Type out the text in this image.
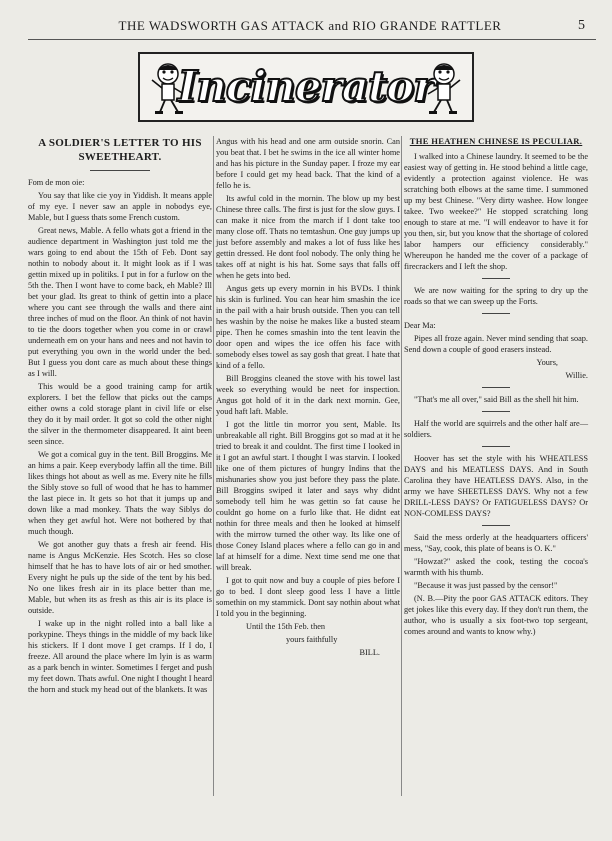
THE WADSWORTH GAS ATTACK and RIO GRANDE RATTLER	5
Incinerator
A SOLDIER'S LETTER TO HIS SWEETHEART.

Fom de mon oie:

You say that like cie yoy in Yiddish. It means apple of my eye. I never saw an apple in nobodys eye, Mable, but I guess thats some French custom.

Great news, Mable. A fello whats got a friend in the audience department in Washington just told me the wars going to end about the 15th of Feb. Dont say nothin to nobody about it. It might look as if I was gettin mixed up in politiks. I put in for a furlow on the 5th the. Then I wont have to come back, eh Mable? Ill bet your glad. Its great to think of gettin into a place where you cant see through the walls and there aint three inches of mud on the floor. An think of not havin to tie the doors together when you come in or crawl underneath em on your hans and nees and not havin to put everything you own in the world under the bed. But I guess you dont care as much about these things as I will.

This would be a good training camp for artik explorers. I bet the fellow that picks out the camps either owns a cold storage plant in civil life or else they do it by mail order. It got so cold the other night the silver in the thermometer disappeared. It aint been seen since.

We got a comical guy in the tent. Bill Broggins. Me an hims a pair. Keep everybody laffin all the time. Bill likes things hot about as well as me. Every nite he fills the Sibly stove so full of wood that he has to hammer the last piece in. It gets so hot that it jumps up and down like a mad monkey. Thats the way Siblys do when they get awful hot. Were not bothered by that much though.

We got another guy thats a fresh air feend. His name is Angus McKenzie. Hes Scotch. Hes so close himself that he has to have lots of air or hed smother. Every night he puls up the side of the tent by his bed. No one likes fresh air in its place better than me, Mable, but when its as fresh as this air is its place is outside.

I wake up in the night rolled into a ball like a porkypine. Theys things in the middle of my back like his stickers. If I dont move I get cramps. If I do, I freeze. All around the place where Im lyin is as warm as a park bench in winter. Sometimes I ferget and push my feet down. Thats awful. One night I thought I heard the horn and stuck my head out of the blankets. It was

Angus with his head and one arm outside snorin. Can you beat that. I bet he swims in the ice all winter home and has his picture in the Sunday paper. I froze my ear before I could get my head back. That the kind of a fello he is.

Its awful cold in the mornin. The blow up my best Chinese three calls. The first is just for the slow guys. I can make it nice from the march if I dont take too many close off. Thats no temtashun. One guy jumps up just before assembly and makes a lot of fuss like hes gettin dressed. He dont fool nobody. The only thing he takes off at night is his hat. Some says that falls off when he gets into bed.

Angus gets up every mornin in his BVDs. I think his skin is furlined. You can hear him smashin the ice in the pail with a hair brush outside. Then you can tell hes washin by the noise he makes like a busted steam pipe. Then he comes smashin into the tent leavin the door open and wipes the ice offen his face with somebody elses towel as say gosh that great. I hate that kind of a fello.

Bill Broggins cleaned the stove with his towel last week so everything would be neet for inspection. Angus got hold of it in the dark next mornin. Gee, youd haft laft. Mable.

I got the little tin morror you sent, Mable. Its unbreakable all right. Bill Broggins got so mad at it he tried to break it and couldnt. The first time I looked in it I got an awful start. I thought I was starvin. I looked like one of them pictures of hungry Indins that the mishunaries show you just before they pass the plate. Bill Broggins swiped it later and says why didnt somebody tell him he was gettin so fat cause he couldnt go home on a furlo like that. He didnt eat nothin for three meals and then he looked at himself with the mirrow turned the other way. Its like one of those Coney Island places where a fello can go in and laf at himself for a dime. Next time send me one that will break.

I got to quit now and buy a couple of pies before I go to bed. I dont sleep good less I have a little somethin on my stammick. Dont say nothin about what I told you in the beginning.

Until the 15th Feb. then

yours faithfully

BILL.

THE HEATHEN CHINESE IS PECULIAR.

I walked into a Chinese laundry. It seemed to be the easiest way of getting in. He stood behind a little cage, evidently a protection against violence. He was scratching both elbows at the same time. I summoned up my best Chinese. "Very dirty washee. How longee takee. Two weekee?" He stopped scratching long enough to stare at me. "I will endeavor to have it for you then, sir, but you know that the shortage of colored labor hampers our efficiency considerably." Whereupon he handed me the cover of a package of firecrackers and I left the shop.

We are now waiting for the spring to dry up the roads so that we can sweep up the Forts.

Dear Ma:

Pipes all froze again. Never mind sending that soap. Send down a couple of good erasers instead.

Yours,

Willie.

"That's me all over," said Bill as the shell hit him.

Half the world are squirrels and the other half are—soldiers.

Hoover has set the style with his WHEATLESS DAYS and his MEATLESS DAYS. And in South Carolina they have HEATLESS DAYS. Also, in the army we have SHEETLESS DAYS. Why not a few DRILL-LESS DAYS? Or FATIGUELESS DAYS? Or NON-COMLESS DAYS?

Said the mess orderly at the headquarters officers' mess, "Say, cook, this plate of beans is O. K."

"Howzat?" asked the cook, testing the cocoa's warmth with his thumb.

"Because it was just passed by the censor!"

(N. B.—Pity the poor GAS ATTACK editors. They get jokes like this every day. If they don't run them, the author, who is usually a six foot-two top sergeant, comes around and wants to know why.)
